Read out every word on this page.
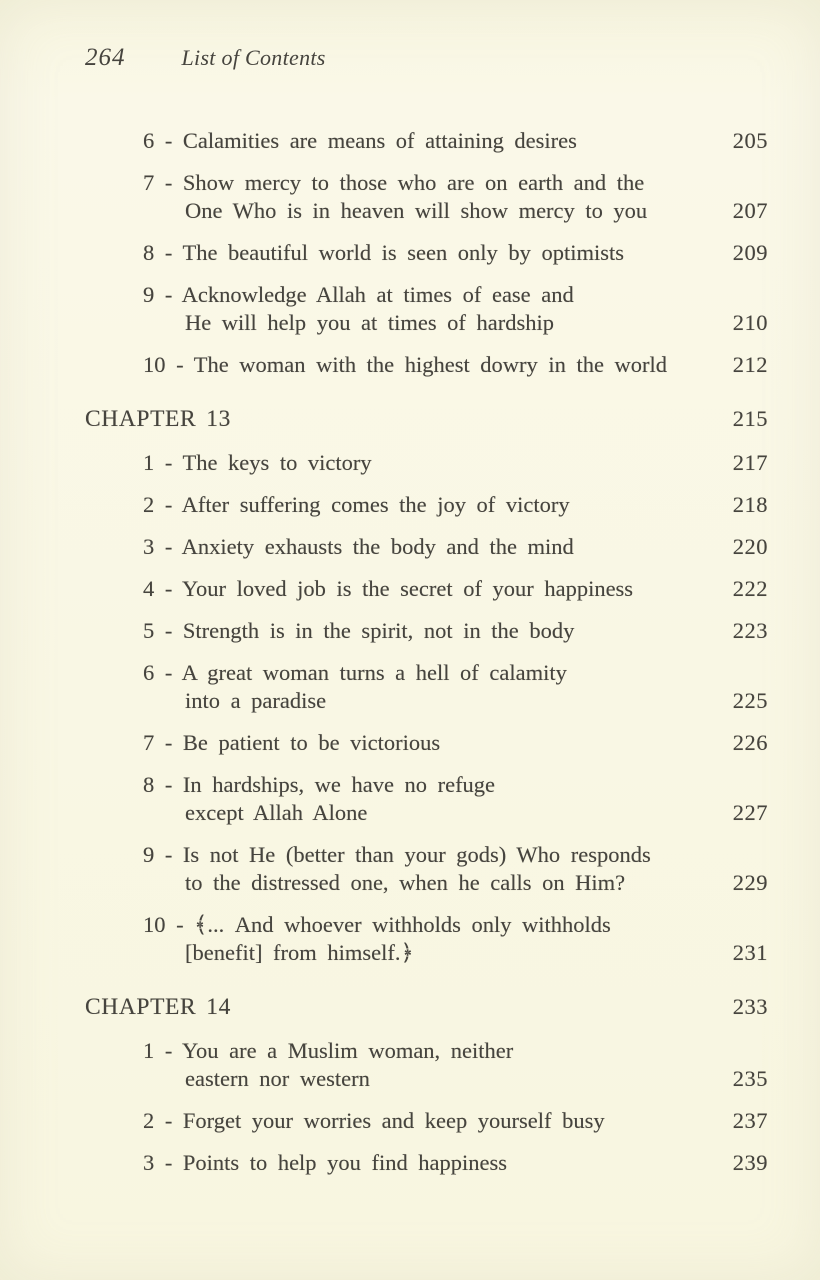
264	List of Contents
6 - Calamities are means of attaining desires	205
7 - Show mercy to those who are on earth and the
One Who is in heaven will show mercy to you	207
8 - The beautiful world is seen only by optimists	209
9 - Acknowledge Allah at times of ease and
He will help you at times of hardship	210
10 - The woman with the highest dowry in the world	212
CHAPTER 13	215
1 - The keys to victory	217
2 - After suffering comes the joy of victory	218
3 - Anxiety exhausts the body and the mind	220
4 - Your loved job is the secret of your happiness	222
5 - Strength is in the spirit, not in the body	223
6 - A great woman turns a hell of calamity
into a paradise	225
7 - Be patient to be victorious	226
8 - In hardships, we have no refuge
except Allah Alone	227
9 - Is not He (better than your gods) Who responds
to the distressed one, when he calls on Him?	229
10 - ﴾... And whoever withholds only withholds
[benefit] from himself.﴿	231
CHAPTER 14	233
1 - You are a Muslim woman, neither
eastern nor western	235
2 - Forget your worries and keep yourself busy	237
3 - Points to help you find happiness	239
